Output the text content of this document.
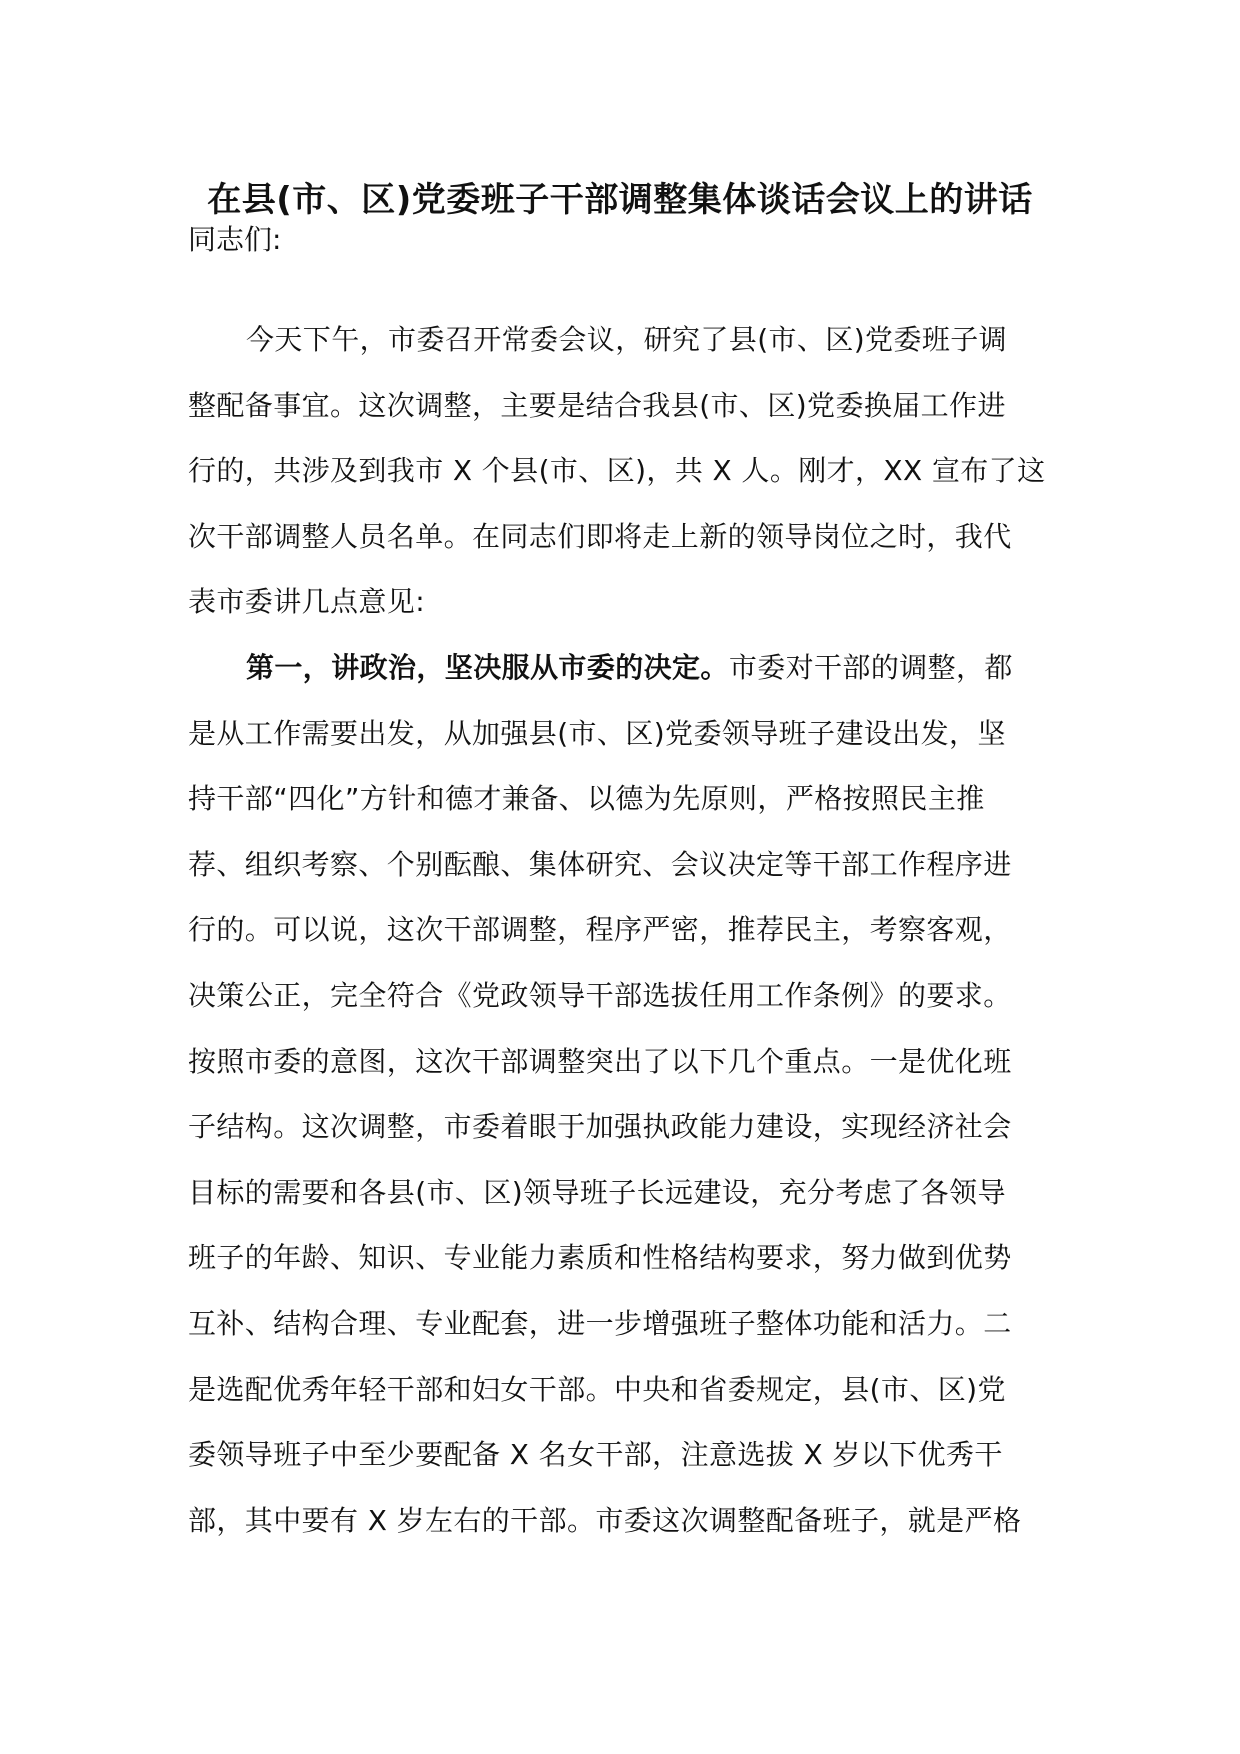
在县(市、区)党委班子干部调整集体谈话会议上的讲话
同志们:
今天下午，市委召开常委会议，研究了县(市、区)党委班子调
整配备事宜。这次调整，主要是结合我县(市、区)党委换届工作进
行的，共涉及到我市 X 个县(市、区)，共 X 人。刚才，XX 宣布了这
次干部调整人员名单。在同志们即将走上新的领导岗位之时，我代
表市委讲几点意见:
第一，讲政治，坚决服从市委的决定。市委对干部的调整，都
是从工作需要出发，从加强县(市、区)党委领导班子建设出发，坚
持干部“四化”方针和德才兼备、以德为先原则，严格按照民主推
荐、组织考察、个别酝酿、集体研究、会议决定等干部工作程序进
行的。可以说，这次干部调整，程序严密，推荐民主，考察客观，
决策公正，完全符合《党政领导干部选拔任用工作条例》的要求。
按照市委的意图，这次干部调整突出了以下几个重点。一是优化班
子结构。这次调整，市委着眼于加强执政能力建设，实现经济社会
目标的需要和各县(市、区)领导班子长远建设，充分考虑了各领导
班子的年龄、知识、专业能力素质和性格结构要求，努力做到优势
互补、结构合理、专业配套，进一步增强班子整体功能和活力。二
是选配优秀年轻干部和妇女干部。中央和省委规定，县(市、区)党
委领导班子中至少要配备 X 名女干部，注意选拔 X 岁以下优秀干
部，其中要有 X 岁左右的干部。市委这次调整配备班子，就是严格
